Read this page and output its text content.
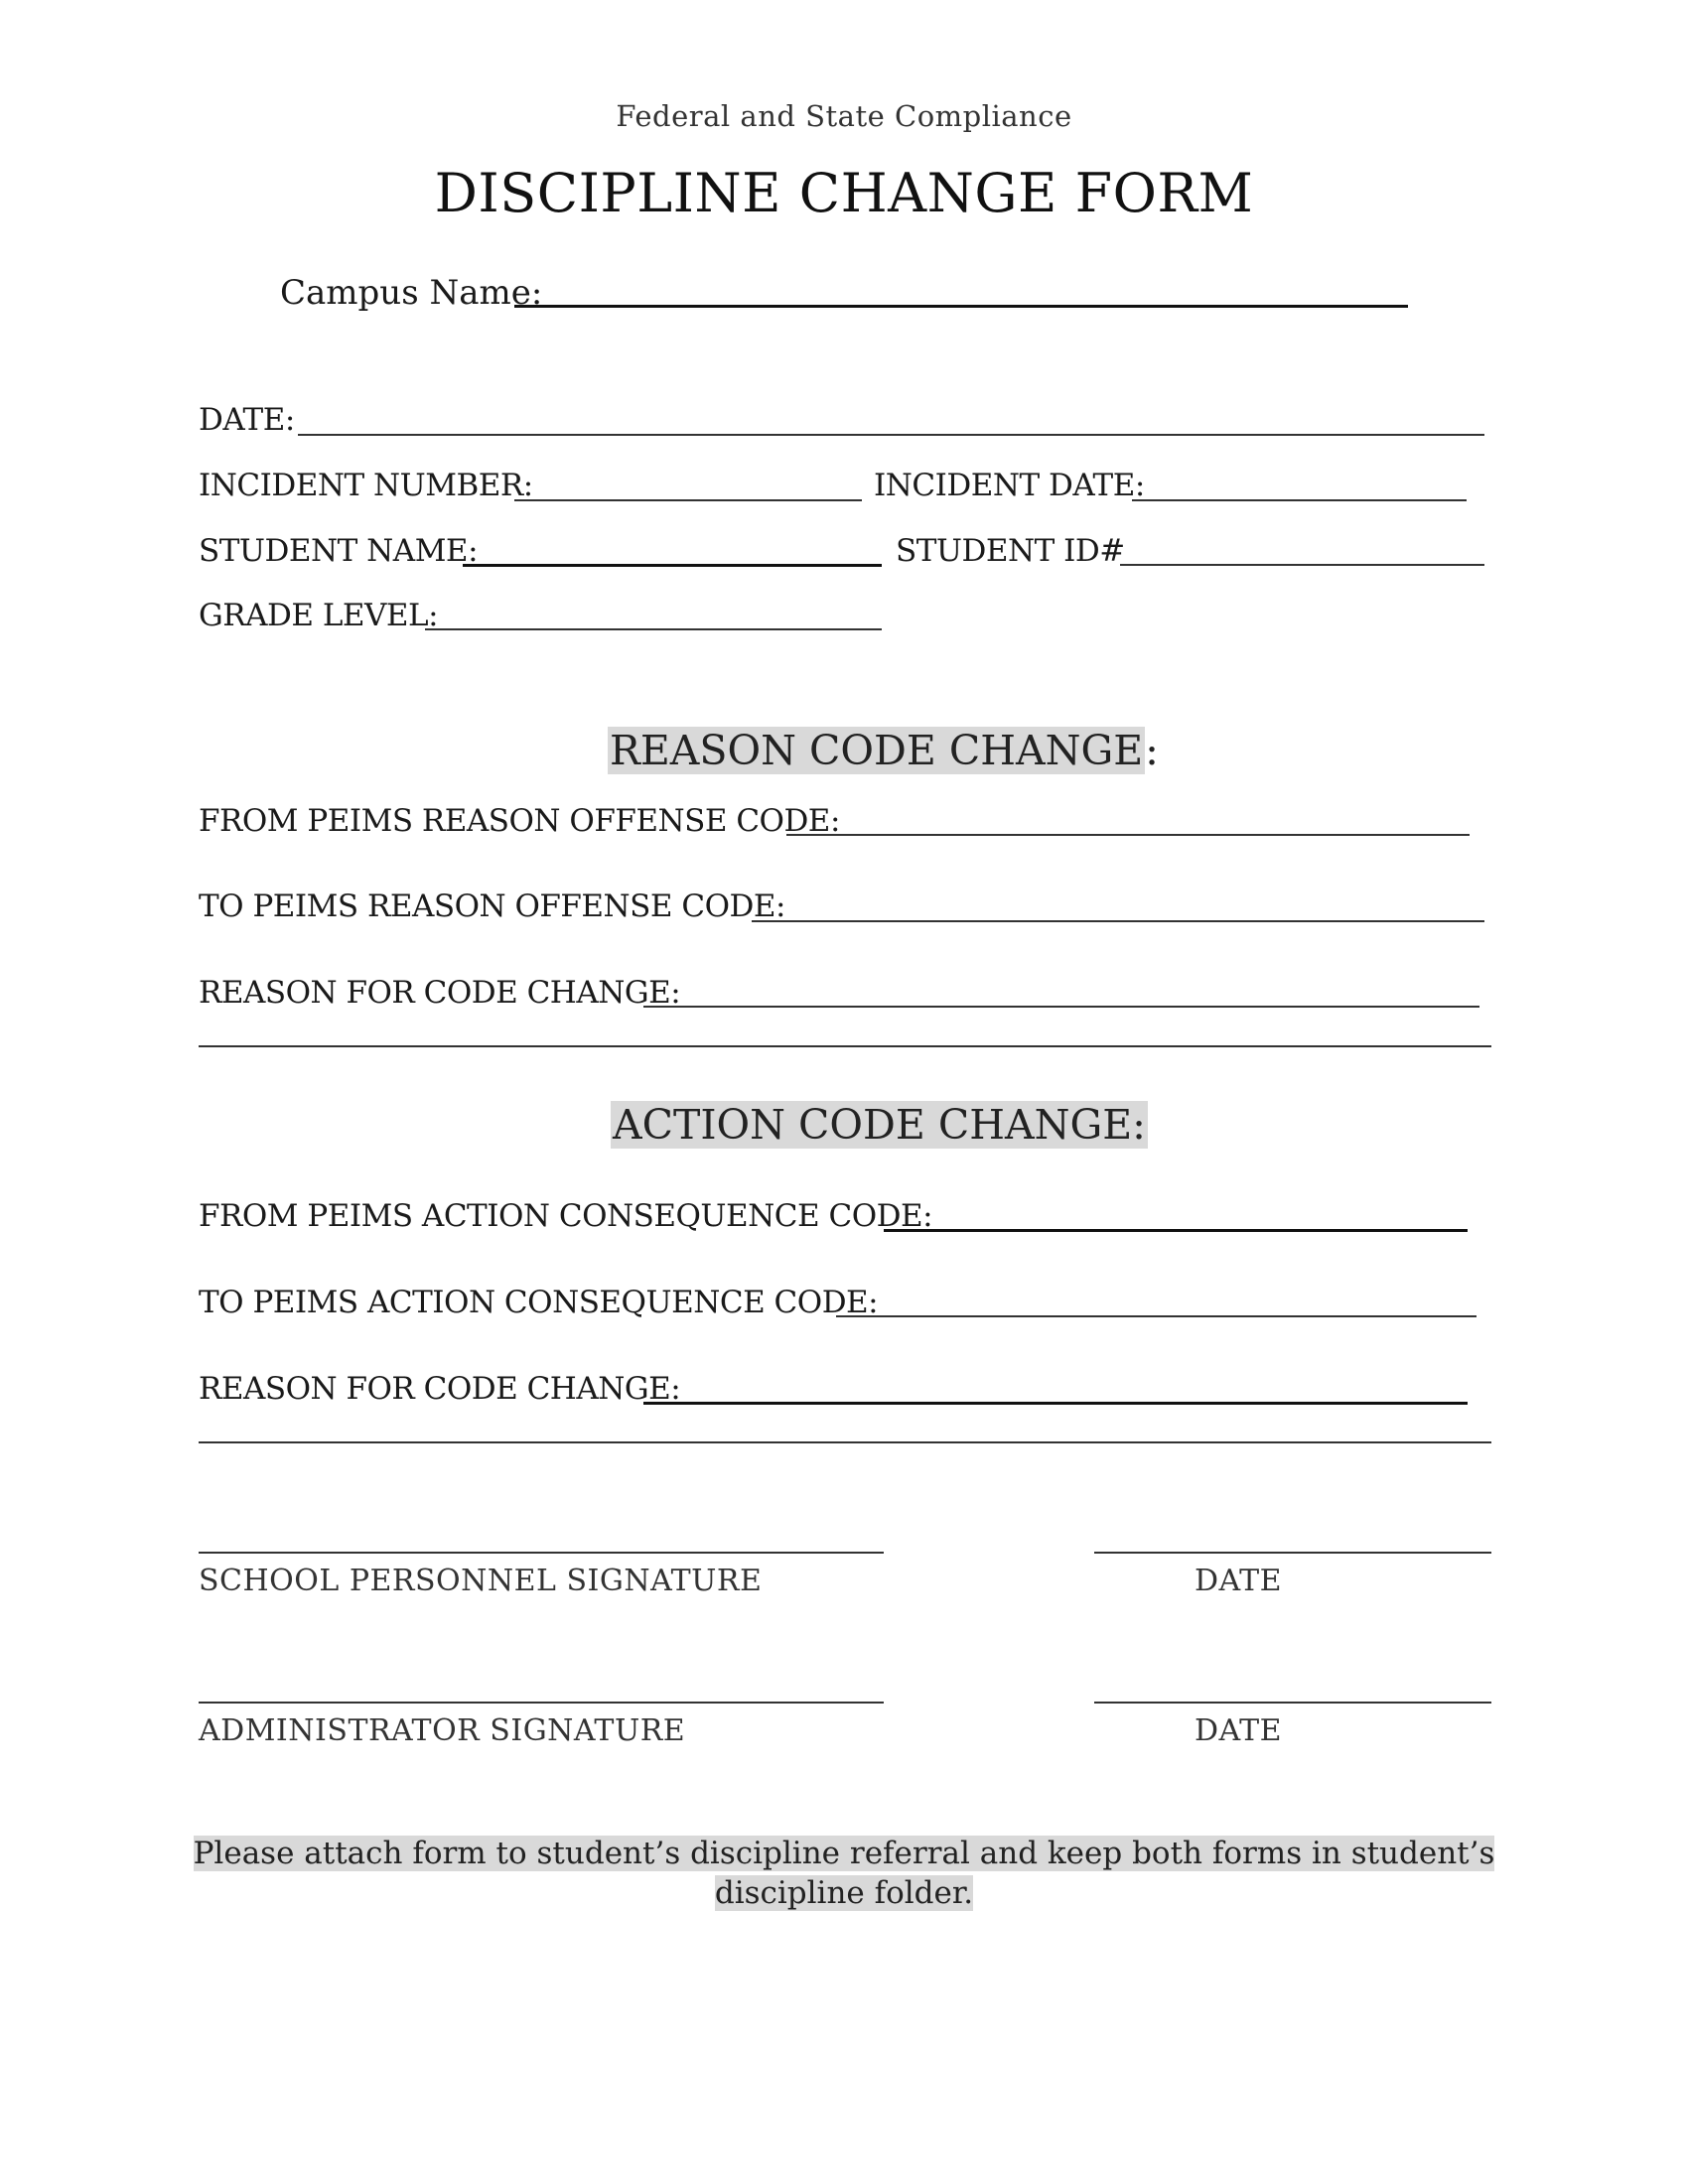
Federal and State Compliance
DISCIPLINE CHANGE FORM
Campus Name:
DATE:
INCIDENT NUMBER:	INCIDENT DATE:
STUDENT NAME:	STUDENT ID#
GRADE LEVEL:
REASON CODE CHANGE:
FROM PEIMS REASON OFFENSE CODE:
TO PEIMS REASON OFFENSE CODE:
REASON FOR CODE CHANGE:
ACTION CODE CHANGE:
FROM PEIMS ACTION CONSEQUENCE CODE:
TO PEIMS ACTION CONSEQUENCE CODE:
REASON FOR CODE CHANGE:
SCHOOL PERSONNEL SIGNATURE	DATE
ADMINISTRATOR SIGNATURE	DATE
Please attach form to student’s discipline referral and keep both forms in student’s
discipline folder.
